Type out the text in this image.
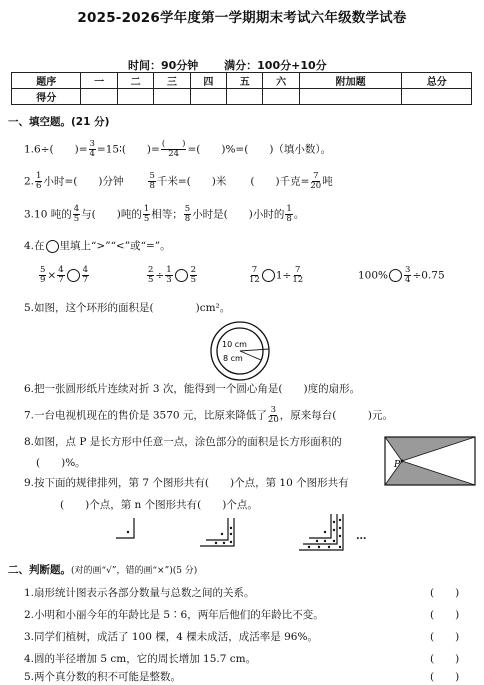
2025-2026学年度第一学期期末考试六年级数学试卷
时间：90分钟 满分：100分+10分
题序	一	二	三	四	五	六	附加题	总分
得分								
一、填空题。(21 分)
1.6÷(　　)= $\frac{3}{4}$ =15∶(　　)= $\frac{( )}{24}$ =(　　)%=(　　)（填小数）。
2. $\frac{1}{6}$ 小时=(　　)分钟	$\frac{5}{8}$ 千米=(　　)米 (　　)千克= $\frac{7}{20}$ 吨
3.10 吨的 $\frac{4}{5}$ 与(　　)吨的 $\frac{1}{5}$ 相等； $\frac{5}{8}$ 小时是(　　)小时的 $\frac{1}{8}$ 。
4.在 里填上“>”“<”或“=”。
$\frac{5}{9} \times \frac{4}{7} \frac{4}{7}$	$\frac{2}{5} \div \frac{1}{3} \frac{2}{5}$	$\frac{7}{12} 1\div \frac{7}{12}$	$100\% \frac{3}{4} \div 0.75$
5.如图，这个环形的面积是(　　　　)cm²。
10 cm
8 cm
6.把一张圆形纸片连续对折 3 次，能得到一个圆心角是(　　)度的扇形。
7.一台电视机现在的售价是 3570 元，比原来降低了 $\frac{3}{20}$ ，原来每台(　　　)元。
8.如图，点 P 是长方形中任意一点，涂色部分的面积是长方形面积的
(　　)%。	P
9.按下面的规律排列，第 7 个图形共有(　　)个点，第 10 个图形共有
(　　)个点，第 n 个图形共有(　　)个点。
…
二、判断题。(对的画“√”，错的画“×”)(5 分)
1.扇形统计图表示各部分数量与总数之间的关系。	(　　)
2.小明和小丽今年的年龄比是 5∶6，两年后他们的年龄比不变。	(　　)
3.同学们植树，成活了 100 棵，4 棵未成活，成活率是 96%。	(　　)
4.圆的半径增加 5 cm，它的周长增加 15.7 cm。	(　　)
5.两个真分数的积不可能是整数。	(　　)
